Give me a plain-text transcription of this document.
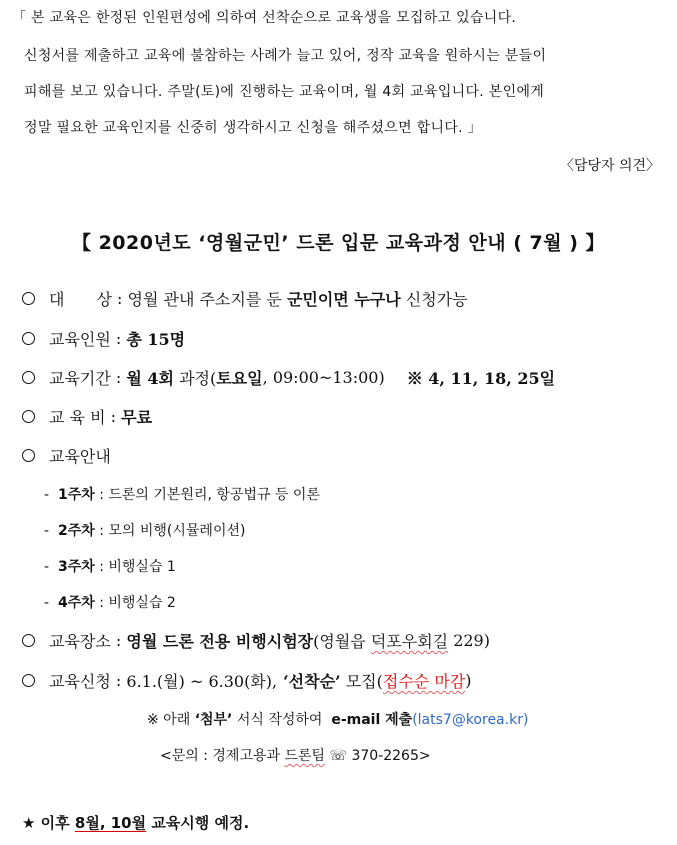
「 본 교육은 한정된 인원편성에 의하여 선착순으로 교육생을 모집하고 있습니다.
신청서를 제출하고 교육에 불참하는 사례가 늘고 있어, 정작 교육을 원하시는 분들이
피해를 보고 있습니다. 주말(토)에 진행하는 교육이며, 월 4회 교육입니다. 본인에게
정말 필요한 교육인지를 신중히 생각하시고 신청을 해주셨으면 합니다. 」
〈담당자 의견〉
【 2020년도 ‘영월군민’ 드론 입문 교육과정 안내 ( 7월 ) 】
대　　상 : 영월 관내 주소지를 둔 군민이면 누구나 신청가능
교육인원 : 총 15명
교육기간 : 월 4회 과정( 토요일 , 09:00~13:00) ※ 4, 11, 18, 25일
교 육 비 : 무료
교육안내
-  1주차 : 드론의 기본원리, 항공법규 등 이론
-  2주차 : 모의 비행(시뮬레이션)
-  3주차 : 비행실습 1
-  4주차 : 비행실습 2
교육장소 : 영월 드론 전용 비행시험장 (영월읍 덕포우회길 229)
교육신청 : 6.1.(월) ~ 6.30(화), ‘선착순’ 모집( 접수순 마감 )
※ 아래 ‘첨부’ 서식 작성하여  e-mail 제출(lats7@korea.kr)
<문의 : 경제고용과 드론팀 ☏ 370-2265>
★ 이후 8월, 10월 교육시행 예정.
